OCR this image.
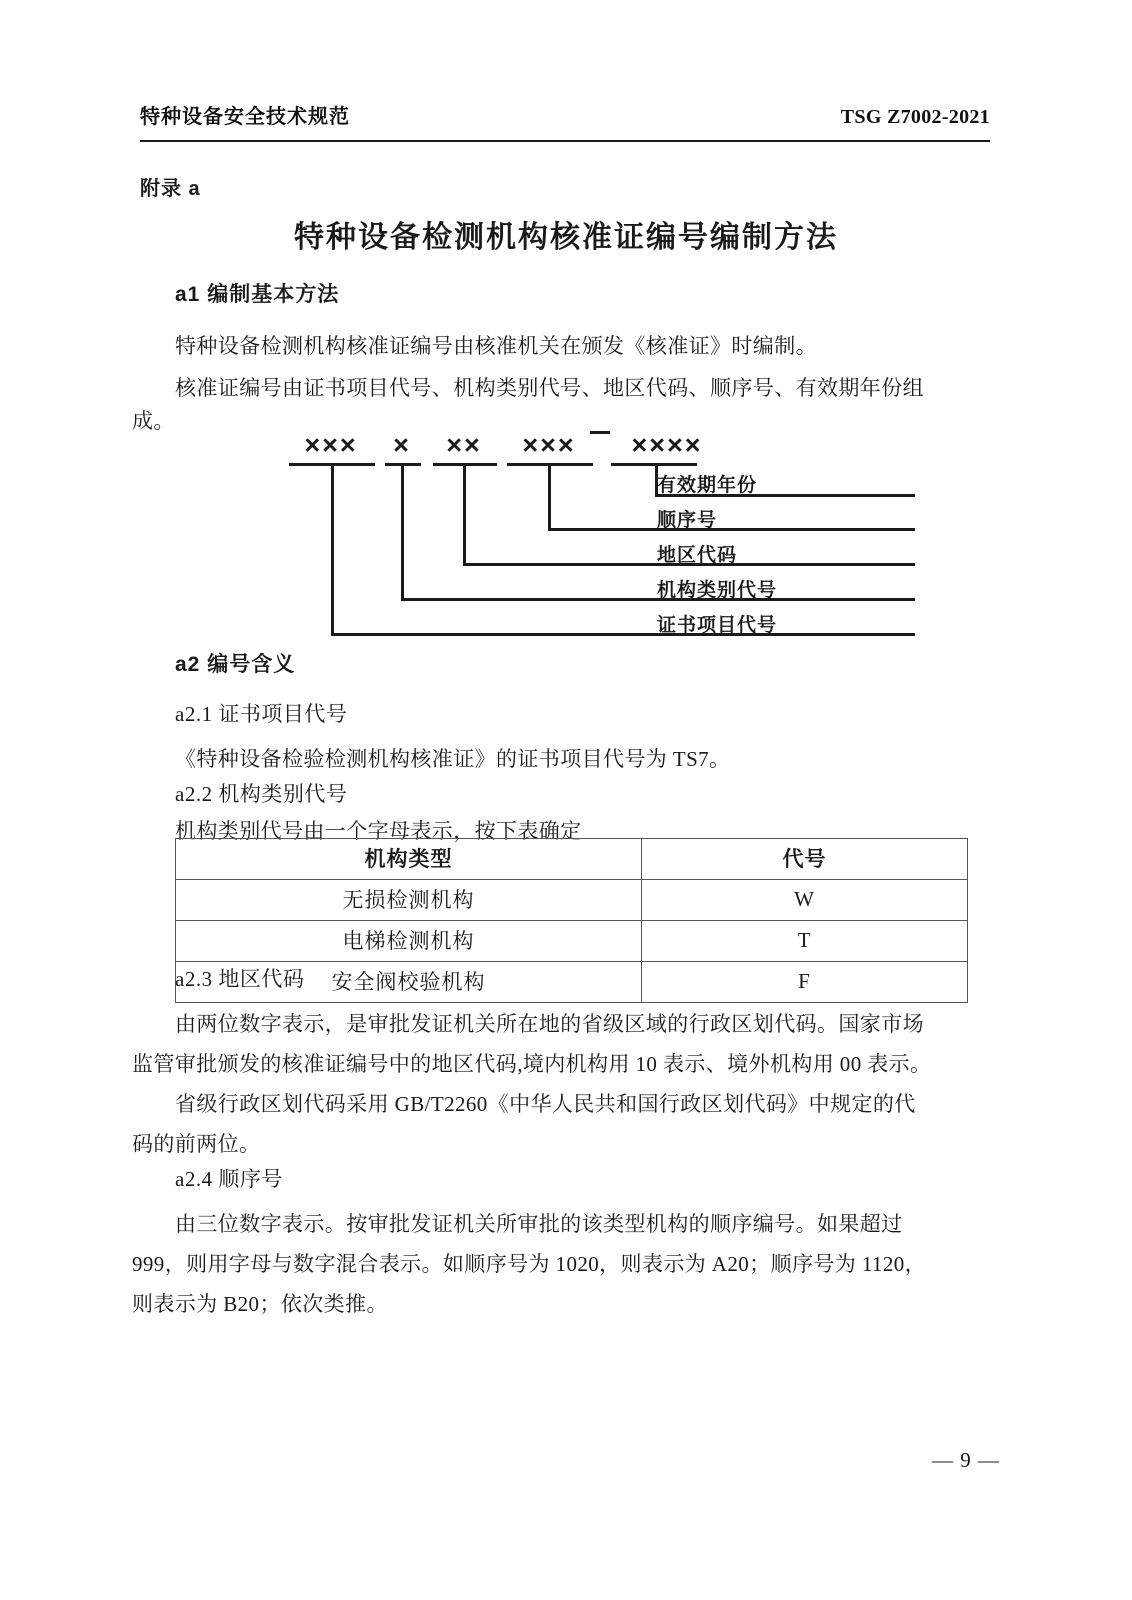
特种设备安全技术规范	TSG Z7002-2021
附录 a
特种设备检测机构核准证编号编制方法
a1 编制基本方法
特种设备检测机构核准证编号由核准机关在颁发《核准证》时编制。
核准证编号由证书项目代号、机构类别代号、地区代码、顺序号、有效期年份组
成。
×××	×	××	×××	××××
有效期年份
顺序号
地区代码
机构类别代号
证书项目代号
a2 编号含义
a2.1 证书项目代号
《特种设备检验检测机构核准证》的证书项目代号为 TS7。
a2.2 机构类别代号
机构类别代号由一个字母表示，按下表确定
机构类型	代号
无损检测机构	W
电梯检测机构	T
安全阀校验机构	F
a2.3 地区代码
由两位数字表示，是审批发证机关所在地的省级区域的行政区划代码。国家市场
监管审批颁发的核准证编号中的地区代码,境内机构用 10 表示、境外机构用 00 表示。
省级行政区划代码采用 GB/T2260《中华人民共和国行政区划代码》中规定的代
码的前两位。
a2.4 顺序号
由三位数字表示。按审批发证机关所审批的该类型机构的顺序编号。如果超过
999，则用字母与数字混合表示。如顺序号为 1020，则表示为 A20；顺序号为 1120，
则表示为 B20；依次类推。
— 9 —
